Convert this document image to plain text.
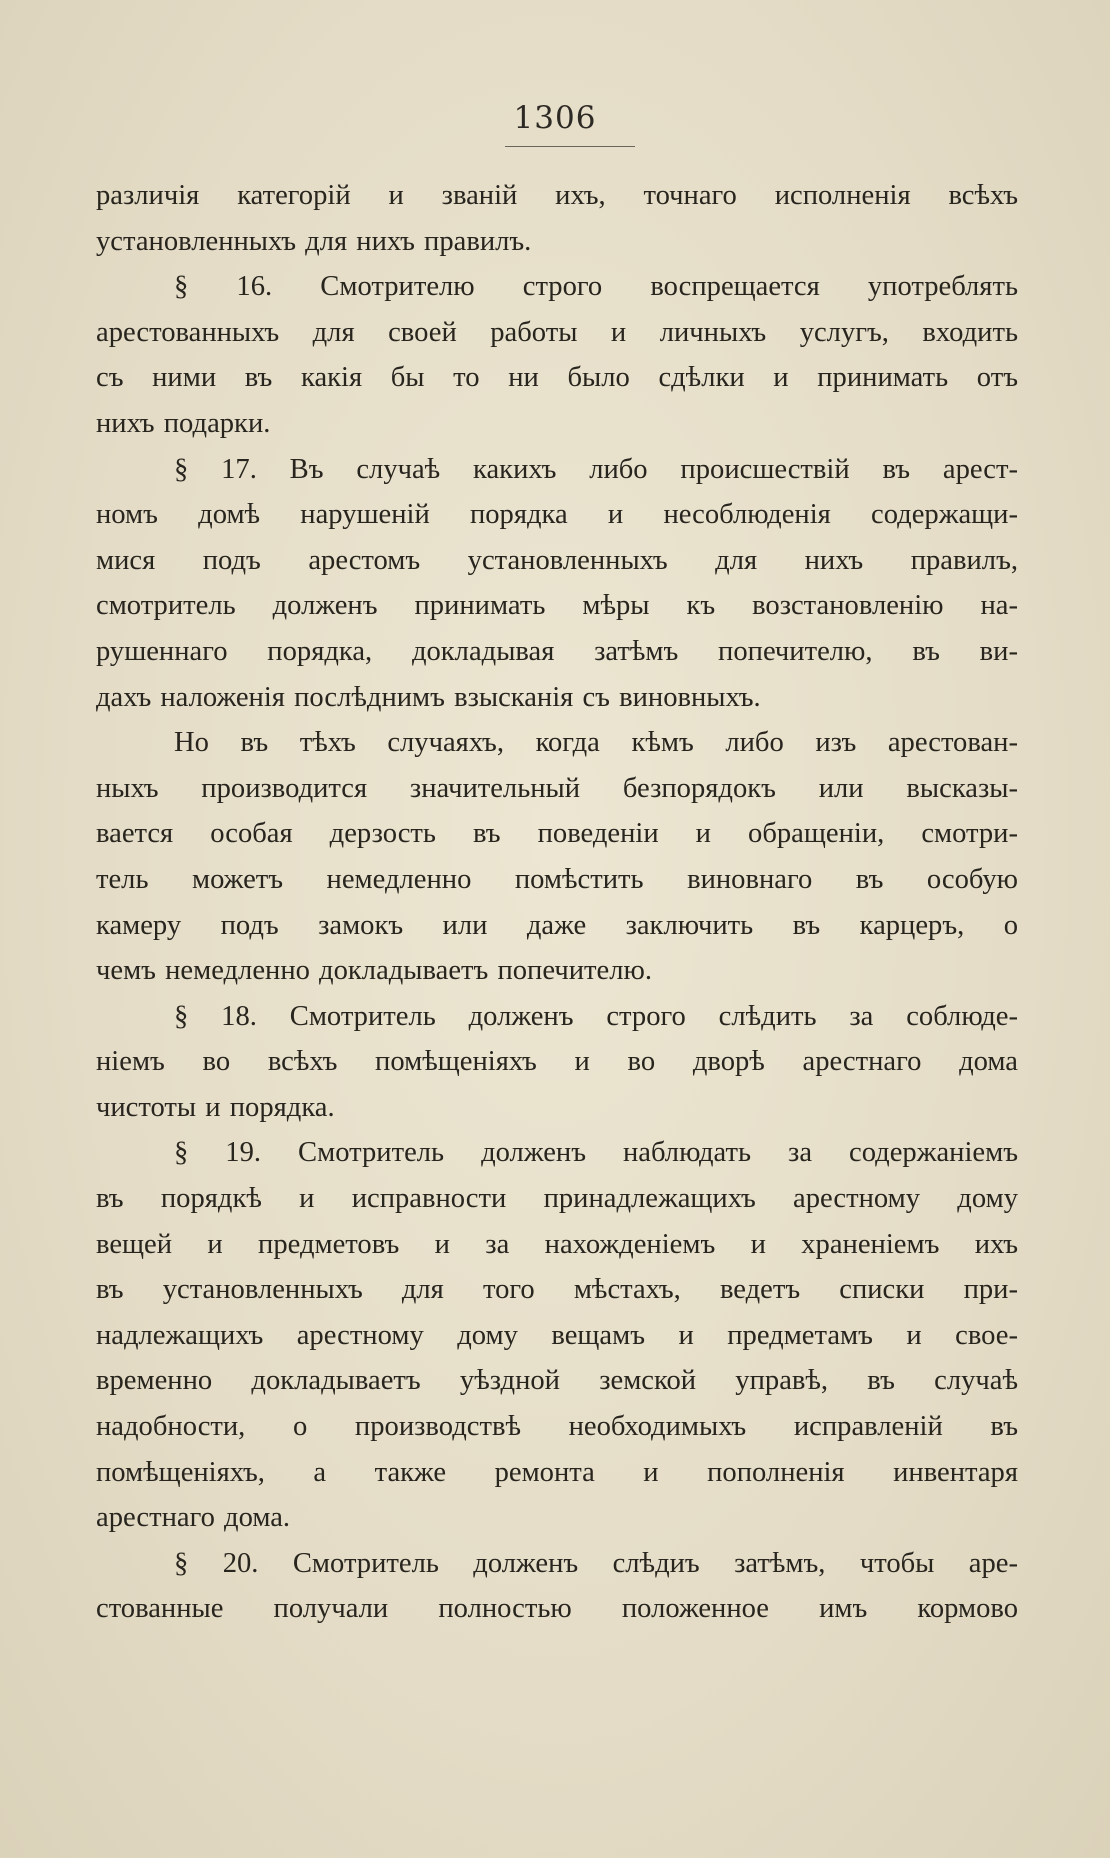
1306
различія категорій и званій ихъ, точнаго исполненія всѣхъ
установленныхъ для нихъ правилъ.
§ 16. Смотрителю строго воспрещается употреблять
арестованныхъ для своей работы и личныхъ услугъ, входить
съ ними въ какія бы то ни было сдѣлки и принимать отъ
нихъ подарки.
§ 17. Въ случаѣ какихъ либо происшествій въ арест-
номъ домѣ нарушеній порядка и несоблюденія содержащи-
мися подъ арестомъ установленныхъ для нихъ правилъ,
смотритель долженъ принимать мѣры къ возстановленію на-
рушеннаго порядка, докладывая затѣмъ попечителю, въ ви-
дахъ наложенія послѣднимъ взысканія съ виновныхъ.
Но въ тѣхъ случаяхъ, когда кѣмъ либо изъ арестован-
ныхъ производится значительный безпорядокъ или высказы-
вается особая дерзость въ поведеніи и обращеніи, смотри-
тель можетъ немедленно помѣстить виновнаго въ особую
камеру подъ замокъ или даже заключить въ карцеръ, о
чемъ немедленно докладываетъ попечителю.
§ 18. Смотритель долженъ строго слѣдить за соблюде-
ніемъ во всѣхъ помѣщеніяхъ и во дворѣ арестнаго дома
чистоты и порядка.
§ 19. Смотритель долженъ наблюдать за содержаніемъ
въ порядкѣ и исправности принадлежащихъ арестному дому
вещей и предметовъ и за нахожденіемъ и храненіемъ ихъ
въ установленныхъ для того мѣстахъ, ведетъ списки при-
надлежащихъ арестному дому вещамъ и предметамъ и свое-
временно докладываетъ уѣздной земской управѣ, въ случаѣ
надобности, о производствѣ необходимыхъ исправленій въ
помѣщеніяхъ, а также ремонта и пополненія инвентаря
арестнаго дома.
§ 20. Смотритель долженъ слѣдиъ затѣмъ, чтобы аре-
стованные получали полностью положенное имъ кормово
